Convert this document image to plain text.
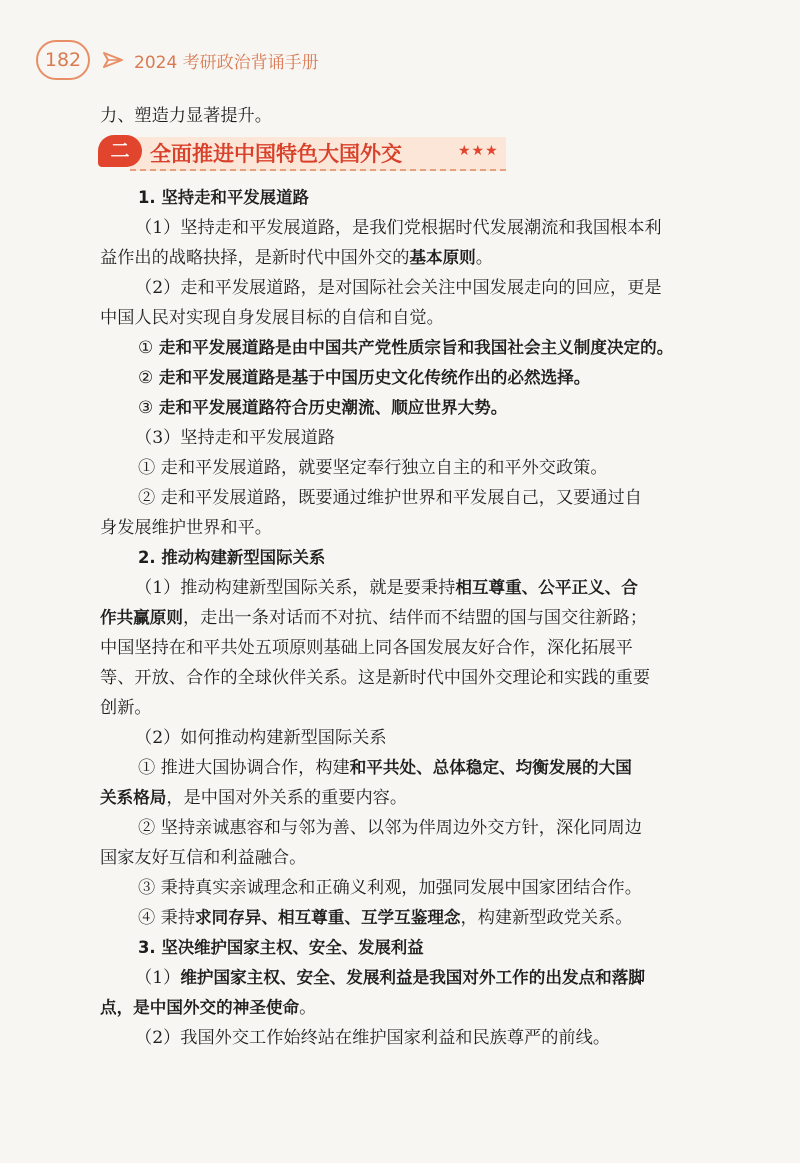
182	2024 考研政治背诵手册

力、塑造力显著提升。

二 全面推进中国特色大国外交	★★★

1. 坚持走和平发展道路

（1）坚持走和平发展道路，是我们党根据时代发展潮流和我国根本利

益作出的战略抉择，是新时代中国外交的基本原则。

（2）走和平发展道路，是对国际社会关注中国发展走向的回应，更是

中国人民对实现自身发展目标的自信和自觉。

① 走和平发展道路是由中国共产党性质宗旨和我国社会主义制度决定的。

② 走和平发展道路是基于中国历史文化传统作出的必然选择。

③ 走和平发展道路符合历史潮流、顺应世界大势。

（3）坚持走和平发展道路

① 走和平发展道路，就要坚定奉行独立自主的和平外交政策。

② 走和平发展道路，既要通过维护世界和平发展自己，又要通过自

身发展维护世界和平。

2. 推动构建新型国际关系

（1）推动构建新型国际关系，就是要秉持相互尊重、公平正义、合

作共赢原则，走出一条对话而不对抗、结伴而不结盟的国与国交往新路；

中国坚持在和平共处五项原则基础上同各国发展友好合作，深化拓展平

等、开放、合作的全球伙伴关系。这是新时代中国外交理论和实践的重要

创新。

（2）如何推动构建新型国际关系

① 推进大国协调合作，构建和平共处、总体稳定、均衡发展的大国

关系格局，是中国对外关系的重要内容。

② 坚持亲诚惠容和与邻为善、以邻为伴周边外交方针，深化同周边

国家友好互信和利益融合。

③ 秉持真实亲诚理念和正确义利观，加强同发展中国家团结合作。

④ 秉持求同存异、相互尊重、互学互鉴理念，构建新型政党关系。

3. 坚决维护国家主权、安全、发展利益

（1）维护国家主权、安全、发展利益是我国对外工作的出发点和落脚

点，是中国外交的神圣使命。

（2）我国外交工作始终站在维护国家利益和民族尊严的前线。
